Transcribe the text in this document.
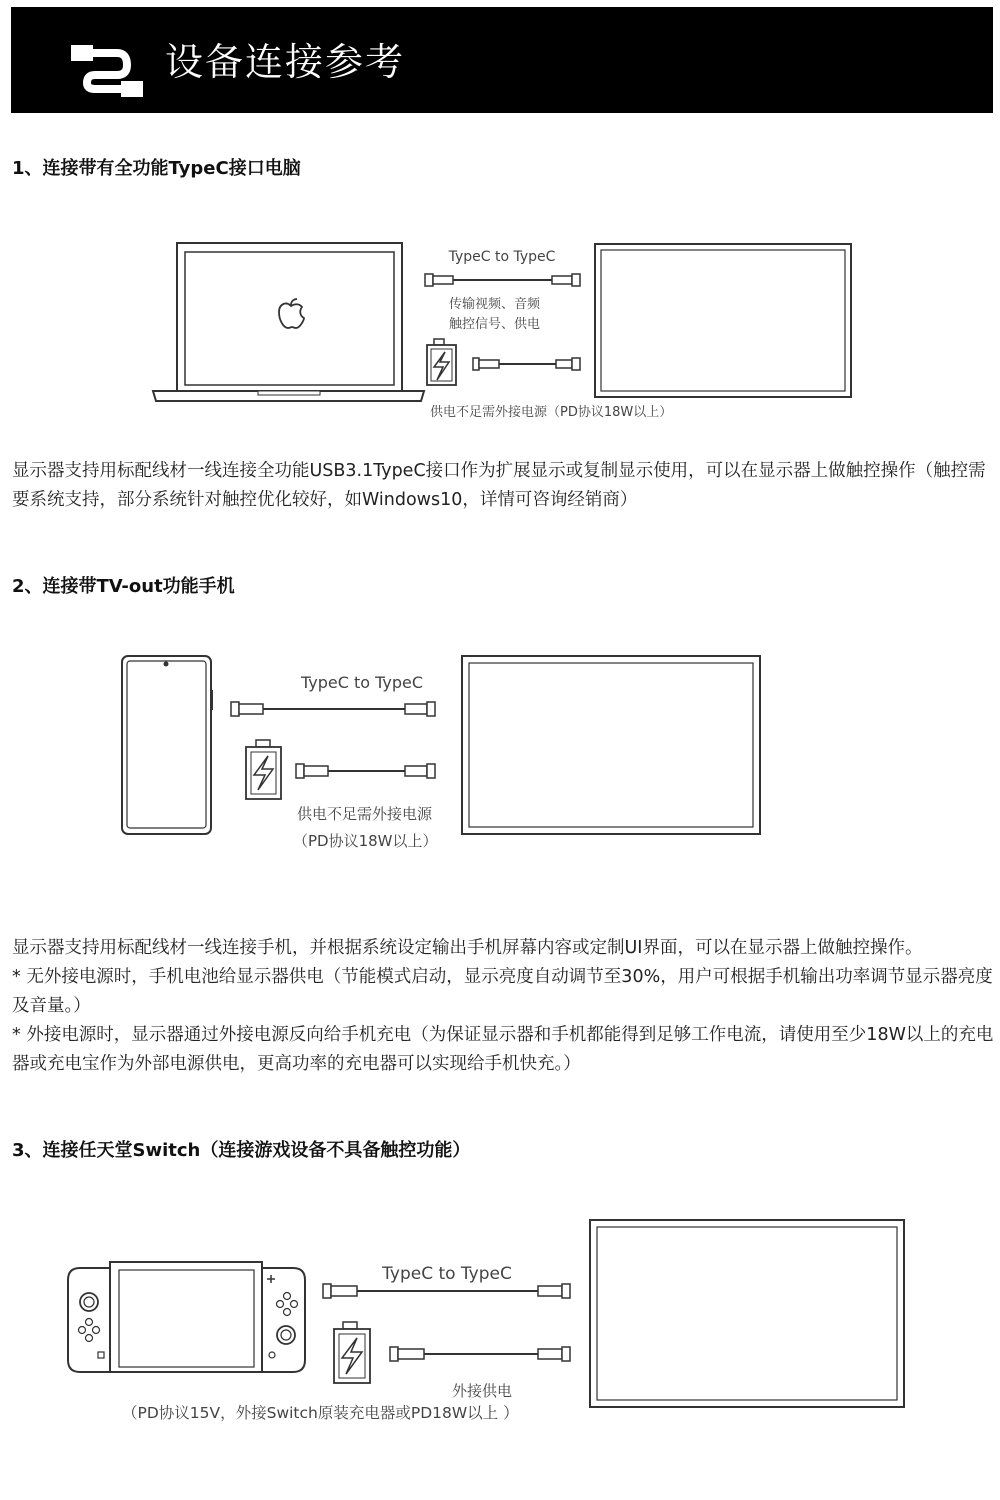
设备连接参考
1、连接带有全功能TypeC接口电脑
TypeC to TypeC
传输视频、音频
触控信号、供电
供电不足需外接电源（PD协议18W以上）

显示器支持用标配线材一线连接全功能USB3.1TypeC接口作为扩展显示或复制显示使用，可以在显示器上做触控操作（触控需要系统支持，部分系统针对触控优化较好，如Windows10，详情可咨询经销商）

2、连接带TV-out功能手机
TypeC to TypeC
供电不足需外接电源
（PD协议18W以上）

显示器支持用标配线材一线连接手机，并根据系统设定输出手机屏幕内容或定制UI界面，可以在显示器上做触控操作。

* 无外接电源时，手机电池给显示器供电（节能模式启动，显示亮度自动调节至30%，用户可根据手机输出功率调节显示器亮度及音量。）

* 外接电源时，显示器通过外接电源反向给手机充电（为保证显示器和手机都能得到足够工作电流，请使用至少18W以上的充电器或充电宝作为外部电源供电，更高功率的充电器可以实现给手机快充。）

3、连接任天堂Switch（连接游戏设备不具备触控功能）
TypeC to TypeC
外接供电
（PD协议15V，外接Switch原装充电器或PD18W以上 ）
